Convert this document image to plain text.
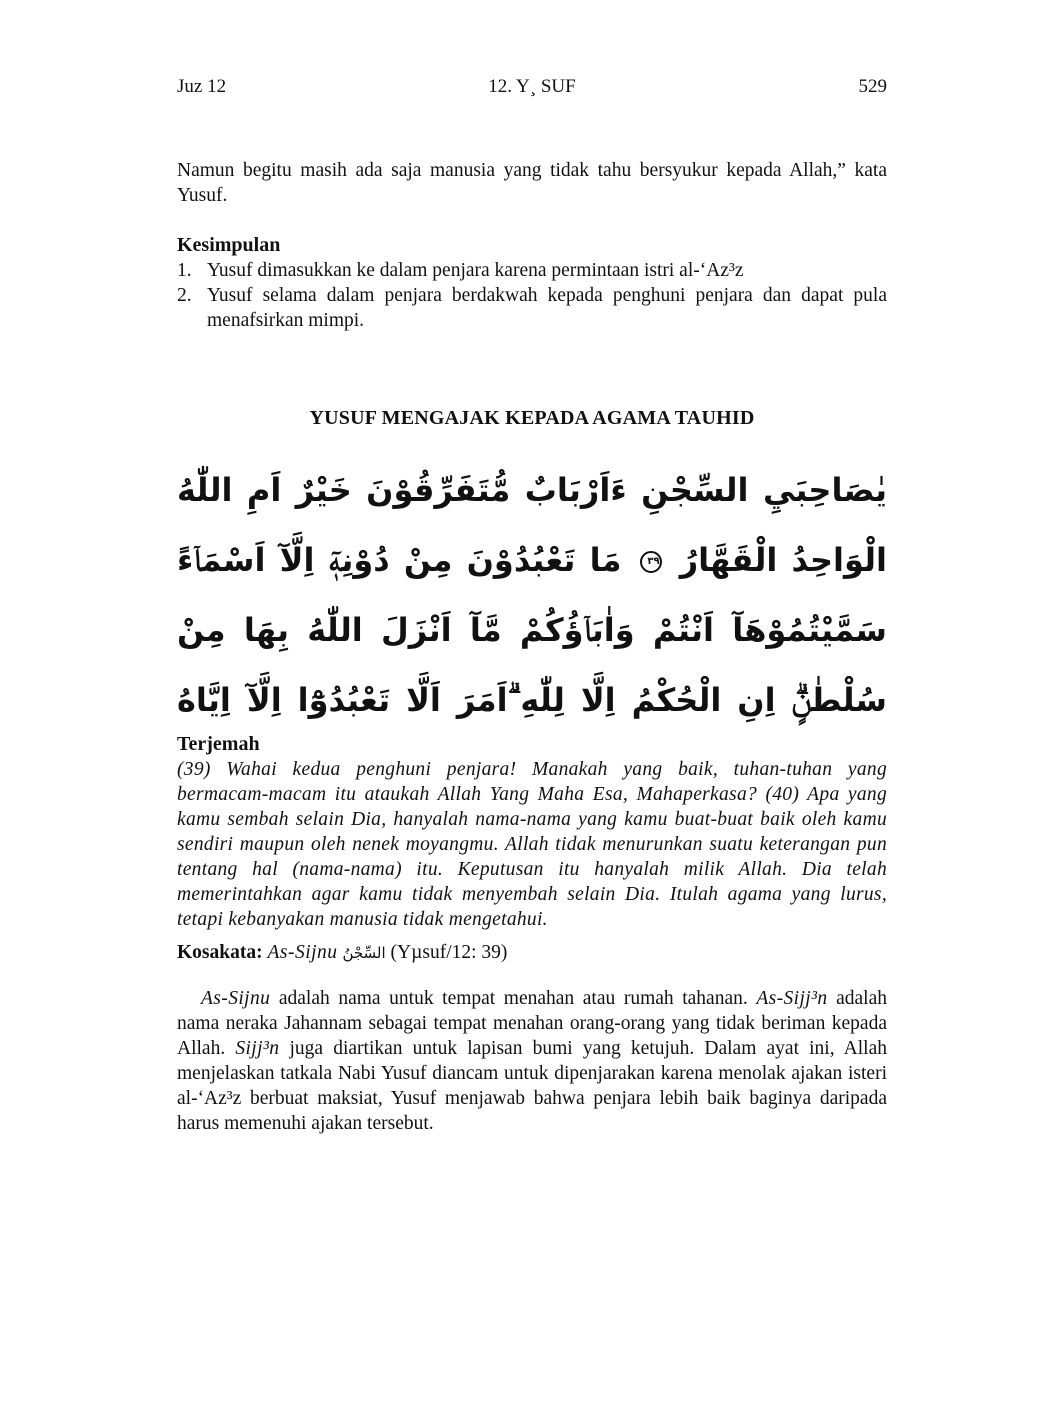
Juz 12	12. Y¸ SUF	529

Namun begitu masih ada saja manusia yang tidak tahu bersyukur kepada Allah,” kata Yusuf.

Kesimpulan
1. Yusuf dimasukkan ke dalam penjara karena permintaan istri al-‘Az³z
2. Yusuf selama dalam penjara berdakwah kepada penghuni penjara dan dapat pula menafsirkan mimpi.
YUSUF MENGAJAK KEPADA AGAMA TAUHID
يٰصَاحِبَيِ السِّجْنِ ءَاَرْبَابٌ مُّتَفَرِّقُوْنَ خَيْرٌ اَمِ اللّٰهُ الْوَاحِدُ الْقَهَّارُ ٣٩ مَا تَعْبُدُوْنَ مِنْ دُوْنِهٖٓ اِلَّآ اَسْمَاۤءً سَمَّيْتُمُوْهَآ اَنْتُمْ وَاٰبَاۤؤُكُمْ مَّآ اَنْزَلَ اللّٰهُ بِهَا مِنْ سُلْطٰنٍۗ اِنِ الْحُكْمُ اِلَّا لِلّٰهِ ۗاَمَرَ اَلَّا تَعْبُدُوْٓا اِلَّآ اِيَّاهُ
Terjemah

(39) Wahai kedua penghuni penjara! Manakah yang baik, tuhan-tuhan yang bermacam-macam itu ataukah Allah Yang Maha Esa, Mahaperkasa? (40) Apa yang kamu sembah selain Dia, hanyalah nama-nama yang kamu buat-buat baik oleh kamu sendiri maupun oleh nenek moyangmu. Allah tidak menurunkan suatu keterangan pun tentang hal (nama-nama) itu. Keputusan itu hanyalah milik Allah. Dia telah memerintahkan agar kamu tidak menyembah selain Dia. Itulah agama yang lurus, tetapi kebanyakan manusia tidak mengetahui.

Kosakata: As-Sijnu السِّجْنُ (Yµsuf/12: 39)

As-Sijnu adalah nama untuk tempat menahan atau rumah tahanan. As-Sijj³n adalah nama neraka Jahannam sebagai tempat menahan orang-orang yang tidak beriman kepada Allah. Sijj³n juga diartikan untuk lapisan bumi yang ketujuh. Dalam ayat ini, Allah menjelaskan tatkala Nabi Yusuf diancam untuk dipenjarakan karena menolak ajakan isteri al-‘Az³z berbuat maksiat, Yusuf menjawab bahwa penjara lebih baik baginya daripada harus memenuhi ajakan tersebut.
